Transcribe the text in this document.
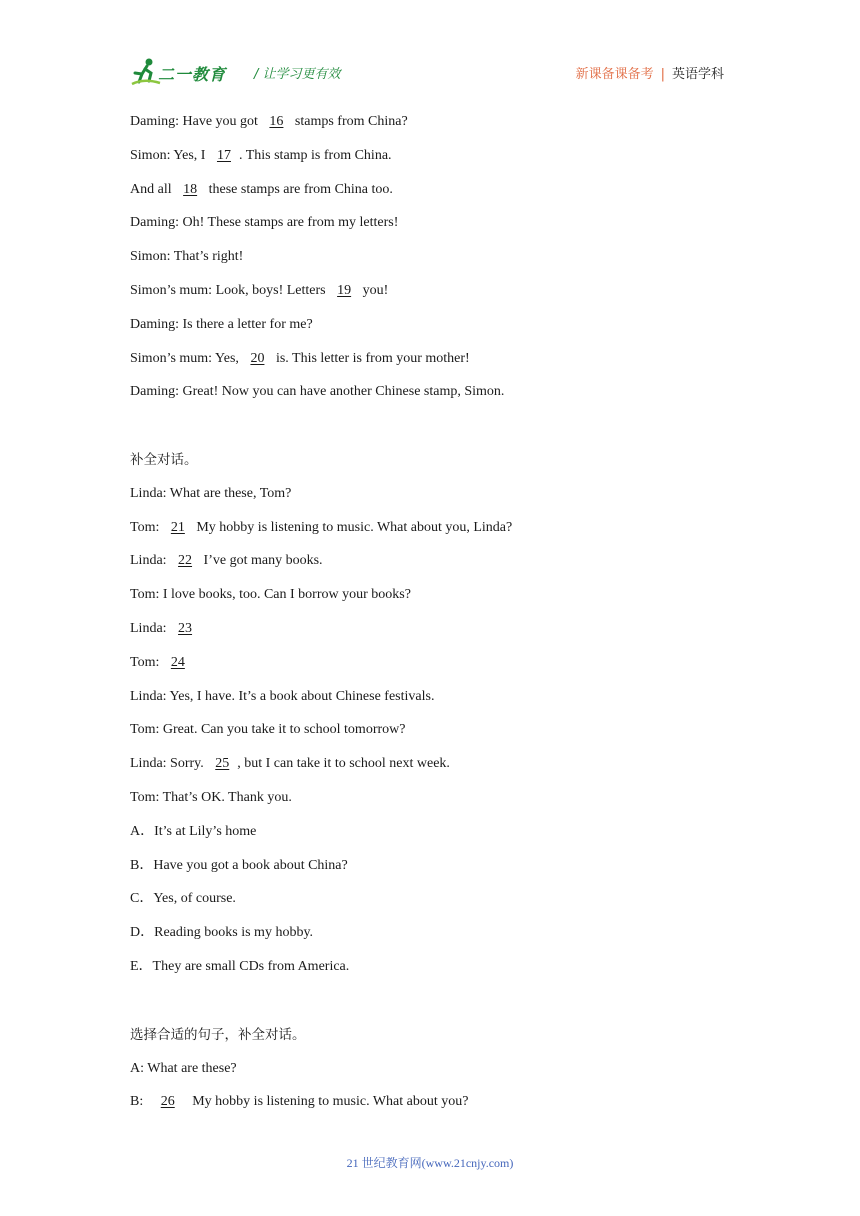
二一教育 / 让学习更有效	新课备课备考 | 英语学科
Daming: Have you got 16 stamps from China?
Simon: Yes, I 17 . This stamp is from China.
And all 18 these stamps are from China too.
Daming: Oh! These stamps are from my letters!
Simon: That’s right!
Simon’s mum: Look, boys! Letters 19 you!
Daming: Is there a letter for me?
Simon’s mum: Yes, 20 is. This letter is from your mother!
Daming: Great! Now you can have another Chinese stamp, Simon.
补全对话。
Linda: What are these, Tom?
Tom: 21 My hobby is listening to music. What about you, Linda?
Linda: 22 I’ve got many books.
Tom: I love books, too. Can I borrow your books?
Linda: 23
Tom: 24
Linda: Yes, I have. It’s a book about Chinese festivals.
Tom: Great. Can you take it to school tomorrow?
Linda: Sorry. 25 , but I can take it to school next week.
Tom: That’s OK. Thank you.
A．It’s at Lily’s home
B．Have you got a book about China?
C．Yes, of course.
D．Reading books is my hobby.
E．They are small CDs from America.
选择合适的句子，补全对话。
A: What are these?
B: 26 My hobby is listening to music. What about you?
21 世纪教育网(www.21cnjy.com)
